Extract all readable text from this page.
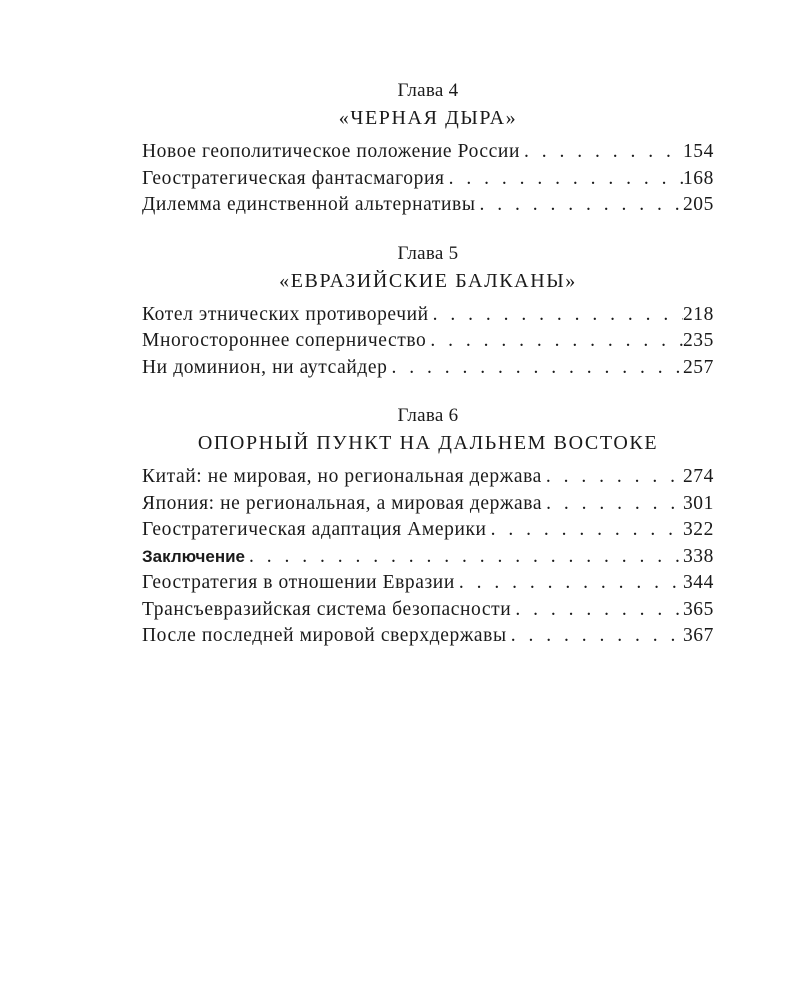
Глава 4
«ЧЕРНАЯ ДЫРА»
Новое геополитическое положение России . . .	154
Геостратегическая фантасмагория . . .	168
Дилемма единственной альтернативы . . .	205
Глава 5
«ЕВРАЗИЙСКИЕ БАЛКАНЫ»
Котел этнических противоречий . . .	218
Многостороннее соперничество . . .	235
Ни доминион, ни аутсайдер . . .	257
Глава 6
ОПОРНЫЙ ПУНКТ НА ДАЛЬНЕМ ВОСТОКЕ
Китай: не мировая, но региональная держава . . .	274
Япония: не региональная, а мировая держава . . .	301
Геостратегическая адаптация Америки . . .	322
Заключение . . .	338
Геостратегия в отношении Евразии . . .	344
Трансъевразийская система безопасности . . .	365
После последней мировой сверхдержавы . . .	367
